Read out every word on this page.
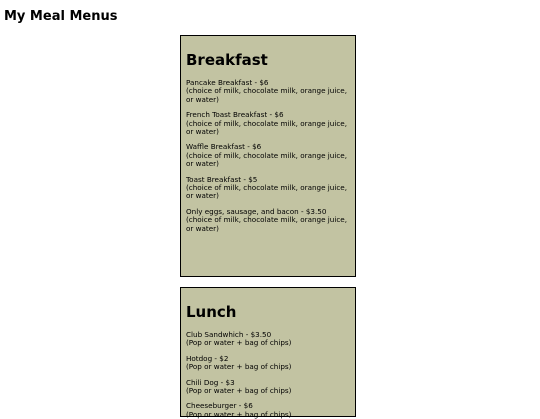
My Meal Menus
Breakfast
Pancake Breakfast - $6
(choice of milk, chocolate milk, orange juice, or water)
French Toast Breakfast - $6
(choice of milk, chocolate milk, orange juice, or water)
Waffle Breakfast - $6
(choice of milk, chocolate milk, orange juice, or water)
Toast Breakfast - $5
(choice of milk, chocolate milk, orange juice, or water)
Only eggs, sausage, and bacon - $3.50
(choice of milk, chocolate milk, orange juice, or water)
Lunch
Club Sandwhich - $3.50
(Pop or water + bag of chips)
Hotdog - $2
(Pop or water + bag of chips)
Chili Dog - $3
(Pop or water + bag of chips)
Cheeseburger - $6
(Pop or water + bag of chips)
